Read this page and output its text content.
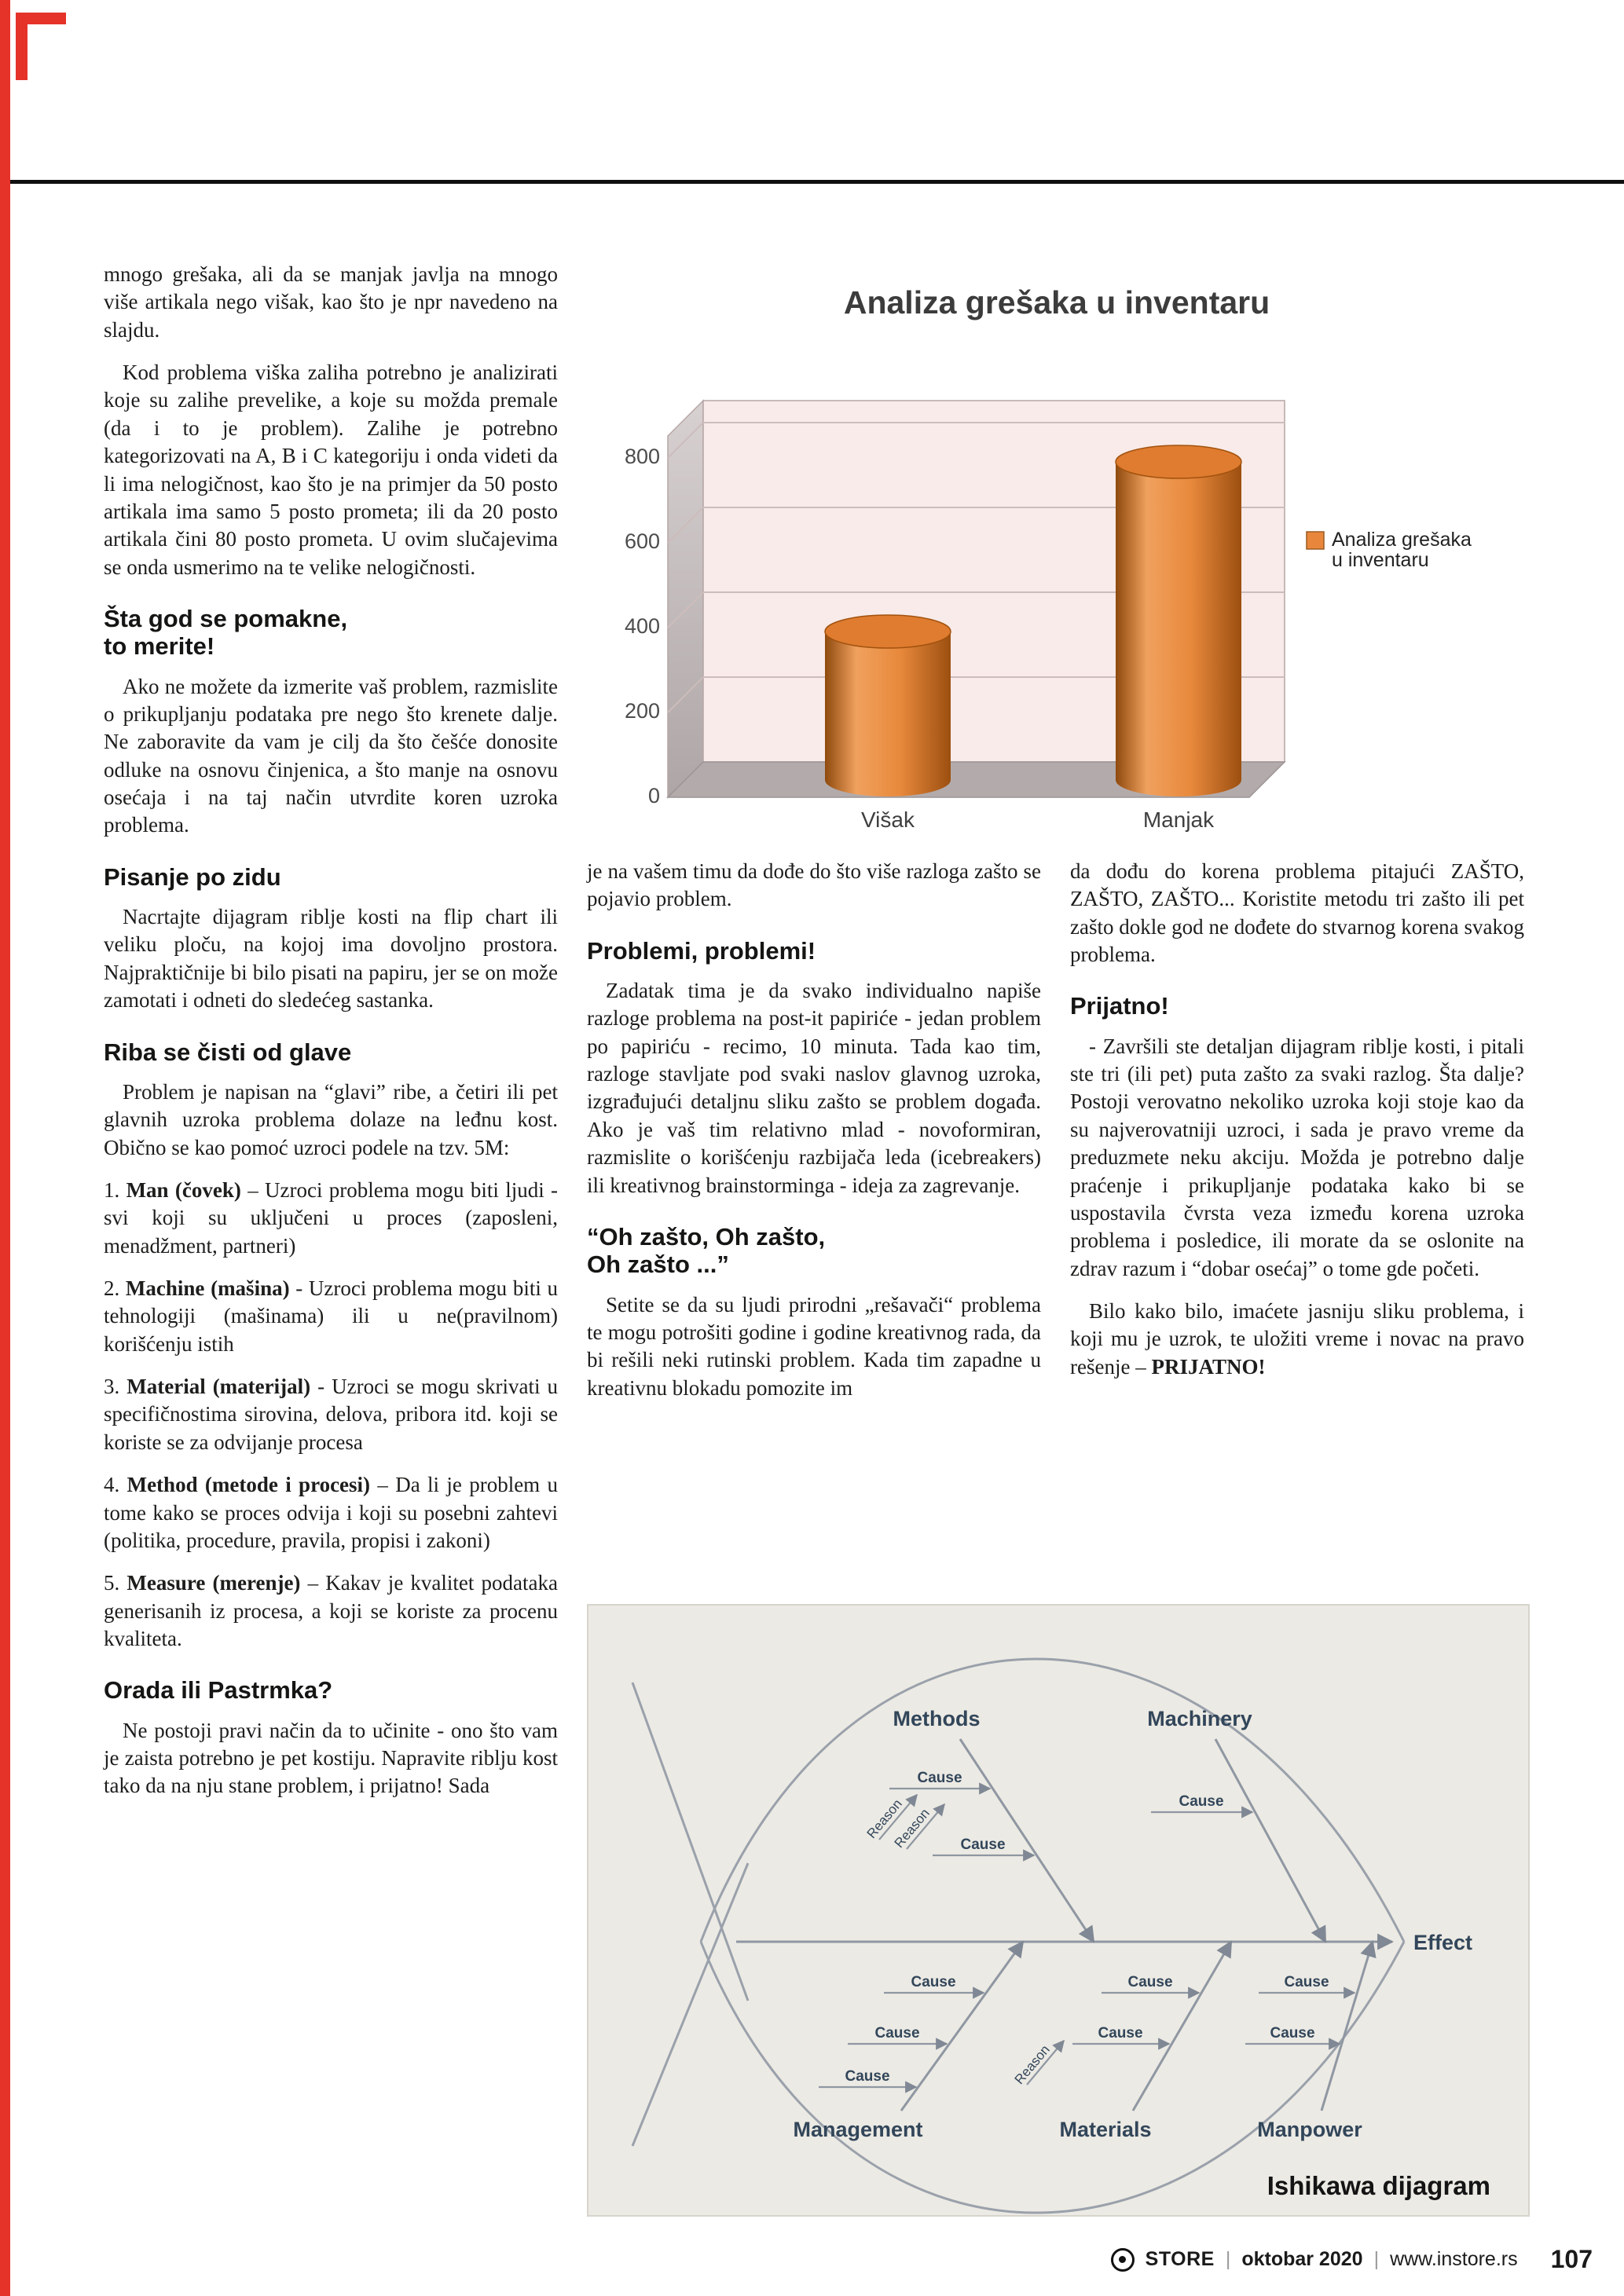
mnogo grešaka, ali da se manjak javlja na mnogo više artikala nego višak, kao što je npr navedeno na slajdu.

Kod problema viška zaliha potrebno je analizirati koje su zalihe prevelike, a koje su možda premale (da i to je problem). Zalihe je potrebno kategorizovati na A, B i C kategoriju i onda videti da li ima nelogičnost, kao što je na primjer da 50 posto artikala ima samo 5 posto prometa; ili da 20 posto artikala čini 80 posto prometa. U ovim slučajevima se onda usmerimo na te velike nelogičnosti.

Šta god se pomakne,
to merite!

Ako ne možete da izmerite vaš problem, razmislite o prikupljanju podataka pre nego što krenete dalje. Ne zaboravite da vam je cilj da što češće donosite odluke na osnovu činjenica, a što manje na osnovu osećaja i na taj način utvrdite koren uzroka problema.

Pisanje po zidu

Nacrtajte dijagram riblje kosti na flip chart ili veliku ploču, na kojoj ima dovoljno prostora. Najpraktičnije bi bilo pisati na papiru, jer se on može zamotati i odneti do sledećeg sastanka.

Riba se čisti od glave

Problem je napisan na “glavi” ribe, a četiri ili pet glavnih uzroka problema dolaze na leđnu kost. Obično se kao pomoć uzroci podele na tzv. 5M:

1. Man (čovek) – Uzroci problema mogu biti ljudi - svi koji su uključeni u proces (zaposleni, menadžment, partneri)

2. Machine (mašina) - Uzroci problema mogu biti u tehnologiji (mašinama) ili u ne(pravilnom) korišćenju istih

3. Material (materijal) - Uzroci se mogu skrivati u specifičnostima sirovina, delova, pribora itd. koji se koriste se za odvijanje procesa

4. Method (metode i procesi) – Da li je problem u tome kako se proces odvija i koji su posebni zahtevi (politika, procedure, pravila, propisi i zakoni)

5. Measure (merenje) – Kakav je kvalitet podataka generisanih iz procesa, a koji se koriste za procenu kvaliteta.

Orada ili Pastrmka?

Ne postoji pravi način da to učinite - ono što vam je zaista potrebno je pet kostiju. Napravite riblju kost tako da na nju stane problem, i prijatno! Sada

je na vašem timu da dođe do što više razloga zašto se pojavio problem.

Problemi, problemi!

Zadatak tima je da svako individualno napiše razloge problema na post-it papiriće - jedan problem po papiriću - recimo, 10 minuta. Tada kao tim, razloge stavljate pod svaki naslov glavnog uzroka, izgrađujući detaljnu sliku zašto se problem događa. Ako je vaš tim relativno mlad - novoformiran, razmislite o korišćenju razbijača leda (icebreakers) ili kreativnog brainstorminga - ideja za zagrevanje.

“Oh zašto, Oh zašto,
Oh zašto ...”

Setite se da su ljudi prirodni „rešavači“ problema te mogu potrošiti godine i godine kreativnog rada, da bi rešili neki rutinski problem. Kada tim zapadne u kreativnu blokadu pomozite im

da dođu do korena problema pitajući ZAŠTO, ZAŠTO, ZAŠTO... Koristite metodu tri zašto ili pet zašto dokle god ne dođete do stvarnog korena svakog problema.

Prijatno!

- Završili ste detaljan dijagram riblje kosti, i pitali ste tri (ili pet) puta zašto za svaki razlog. Šta dalje? Postoji verovatno nekoliko uzroka koji stoje kao da su najverovatniji uzroci, i sada je pravo vreme da preduzmete neku akciju. Možda je potrebno dalje praćenje i prikupljanje podataka kako bi se uspostavila čvrsta veza između korena uzroka problema i posledice, ili morate da se oslonite na zdrav razum i “dobar osećaj” o tome gde početi.

Bilo kako bilo, imaćete jasniju sliku problema, i koji mu je uzrok, te uložiti vreme i novac na pravo rešenje – PRIJATNO!

Analiza grešaka u inventaru
0
200
400
600
800
Višak	Manjak
Analiza grešaka
u inventaru
Effect
Methods	Machinery
Management	Materials	Manpower
Cause
Cause
Cause
Cause
Cause
Cause
Cause
Cause
Cause
Cause
Reason
Reason
Reason
Ishikawa dijagram
STORE | oktobar 2020 | www.instore.rs 107
